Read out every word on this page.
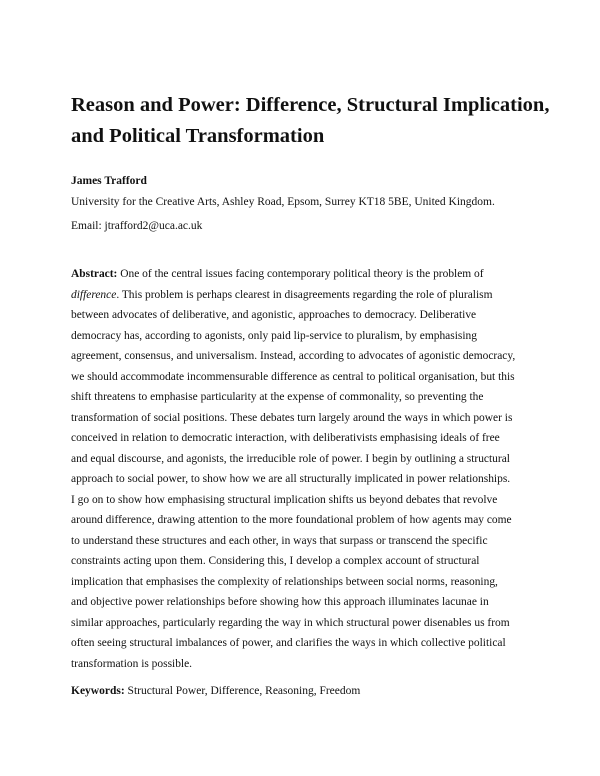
Reason and Power: Difference, Structural Implication,
and Political Transformation

James Trafford

University for the Creative Arts, Ashley Road, Epsom, Surrey KT18 5BE, United Kingdom.
Email: jtrafford2@uca.ac.uk
Abstract: One of the central issues facing contemporary political theory is the problem of
difference. This problem is perhaps clearest in disagreements regarding the role of pluralism
between advocates of deliberative, and agonistic, approaches to democracy. Deliberative
democracy has, according to agonists, only paid lip-service to pluralism, by emphasising
agreement, consensus, and universalism. Instead, according to advocates of agonistic democracy,
we should accommodate incommensurable difference as central to political organisation, but this
shift threatens to emphasise particularity at the expense of commonality, so preventing the
transformation of social positions. These debates turn largely around the ways in which power is
conceived in relation to democratic interaction, with deliberativists emphasising ideals of free
and equal discourse, and agonists, the irreducible role of power. I begin by outlining a structural
approach to social power, to show how we are all structurally implicated in power relationships.
I go on to show how emphasising structural implication shifts us beyond debates that revolve
around difference, drawing attention to the more foundational problem of how agents may come
to understand these structures and each other, in ways that surpass or transcend the specific
constraints acting upon them. Considering this, I develop a complex account of structural
implication that emphasises the complexity of relationships between social norms, reasoning,
and objective power relationships before showing how this approach illuminates lacunae in
similar approaches, particularly regarding the way in which structural power disenables us from
often seeing structural imbalances of power, and clarifies the ways in which collective political
transformation is possible.
Keywords: Structural Power, Difference, Reasoning, Freedom
